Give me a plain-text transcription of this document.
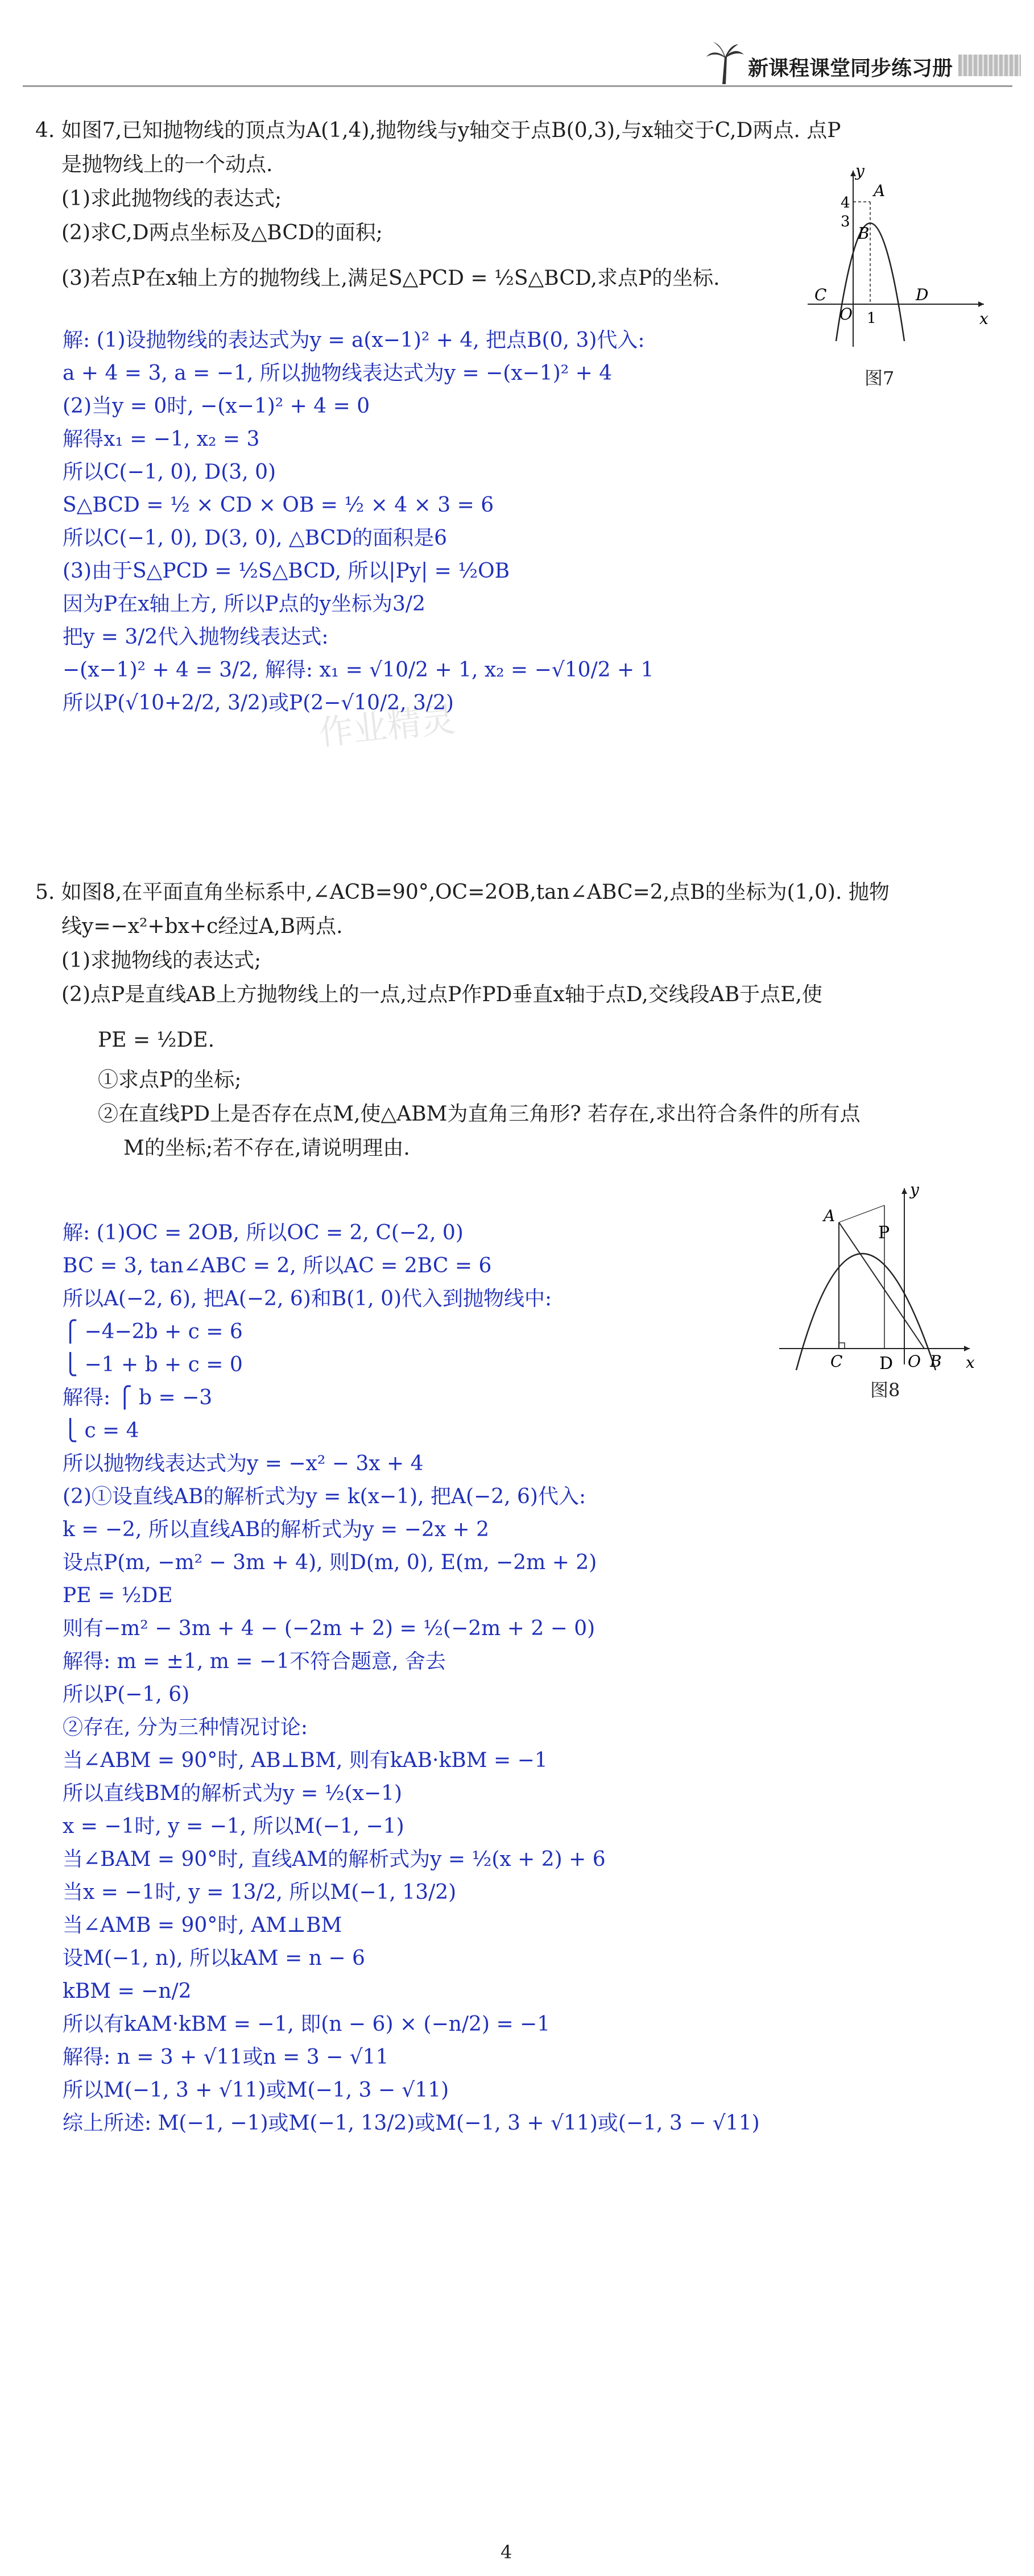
新课程课堂同步练习册
4. 如图7,已知抛物线的顶点为A(1,4),抛物线与y轴交于点B(0,3),与x轴交于C,D两点. 点P
是抛物线上的一个动点.
(1)求此抛物线的表达式;
(2)求C,D两点坐标及△BCD的面积;
(3)若点P在x轴上方的抛物线上,满足S△PCD = ½S△BCD,求点P的坐标.
y
x
O
A
B
C	D
4
3
1
图7
解: (1)设抛物线的表达式为y = a(x−1)² + 4, 把点B(0, 3)代入:
a + 4 = 3, a = −1, 所以抛物线表达式为y = −(x−1)² + 4
(2)当y = 0时, −(x−1)² + 4 = 0
解得x₁ = −1, x₂ = 3
所以C(−1, 0), D(3, 0)
S△BCD = ½ × CD × OB = ½ × 4 × 3 = 6
所以C(−1, 0), D(3, 0), △BCD的面积是6
(3)由于S△PCD = ½S△BCD, 所以|Py| = ½OB
因为P在x轴上方, 所以P点的y坐标为3/2
把y = 3/2代入抛物线表达式:
−(x−1)² + 4 = 3/2, 解得: x₁ = √10/2 + 1, x₂ = −√10/2 + 1
所以P(√10+2/2, 3/2)或P(2−√10/2, 3/2)
作业精灵
5. 如图8,在平面直角坐标系中,∠ACB=90°,OC=2OB,tan∠ABC=2,点B的坐标为(1,0). 抛物
线y=−x²+bx+c经过A,B两点.
(1)求抛物线的表达式;
(2)点P是直线AB上方抛物线上的一点,过点P作PD垂直x轴于点D,交线段AB于点E,使
PE = ½DE.
①求点P的坐标;
②在直线PD上是否存在点M,使△ABM为直角三角形? 若存在,求出符合条件的所有点
M的坐标;若不存在,请说明理由.
y
x
O
A
B
C D
P
图8
解: (1)OC = 2OB, 所以OC = 2, C(−2, 0)
BC = 3, tan∠ABC = 2, 所以AC = 2BC = 6
所以A(−2, 6), 把A(−2, 6)和B(1, 0)代入到抛物线中:
⎧ −4−2b + c = 6
⎩ −1 + b + c = 0
解得: ⎧ b = −3
⎩ c = 4
所以抛物线表达式为y = −x² − 3x + 4
(2)①设直线AB的解析式为y = k(x−1), 把A(−2, 6)代入:
k = −2, 所以直线AB的解析式为y = −2x + 2
设点P(m, −m² − 3m + 4), 则D(m, 0), E(m, −2m + 2)
PE = ½DE
则有−m² − 3m + 4 − (−2m + 2) = ½(−2m + 2 − 0)
解得: m = ±1, m = −1不符合题意, 舍去
所以P(−1, 6)
②存在, 分为三种情况讨论:
当∠ABM = 90°时, AB⊥BM, 则有kAB·kBM = −1
所以直线BM的解析式为y = ½(x−1)
x = −1时, y = −1, 所以M(−1, −1)
当∠BAM = 90°时, 直线AM的解析式为y = ½(x + 2) + 6
当x = −1时, y = 13/2, 所以M(−1, 13/2)
当∠AMB = 90°时, AM⊥BM
设M(−1, n), 所以kAM = n − 6
kBM = −n/2
所以有kAM·kBM = −1, 即(n − 6) × (−n/2) = −1
解得: n = 3 + √11或n = 3 − √11
所以M(−1, 3 + √11)或M(−1, 3 − √11)
综上所述: M(−1, −1)或M(−1, 13/2)或M(−1, 3 + √11)或(−1, 3 − √11)
4
